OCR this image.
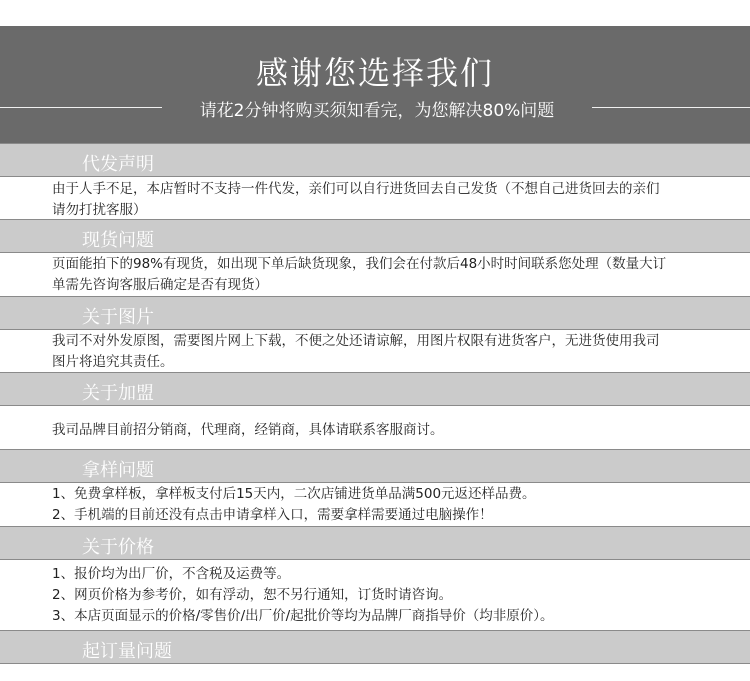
感谢您选择我们
请花2分钟将购买须知看完，为您解决80%问题
代发声明

由于人手不足，本店暂时不支持一件代发，亲们可以自行进货回去自己发货（不想自己进货回去的亲们

请勿打扰客服）

现货问题

页面能拍下的98%有现货，如出现下单后缺货现象，我们会在付款后48小时时间联系您处理（数量大订

单需先咨询客服后确定是否有现货）

关于图片

我司不对外发原图，需要图片网上下载，不便之处还请谅解，用图片权限有进货客户，无进货使用我司

图片将追究其责任。

关于加盟

我司品牌目前招分销商，代理商，经销商，具体请联系客服商讨。

拿样问题

1、免费拿样板，拿样板支付后15天内，二次店铺进货单品满500元返还样品费。

2、手机端的目前还没有点击申请拿样入口，需要拿样需要通过电脑操作！

关于价格

1、报价均为出厂价，不含税及运费等。

2、网页价格为参考价，如有浮动，恕不另行通知，订货时请咨询。

3、本店页面显示的价格/零售价/出厂价/起批价等均为品牌厂商指导价（均非原价）。

起订量问题
